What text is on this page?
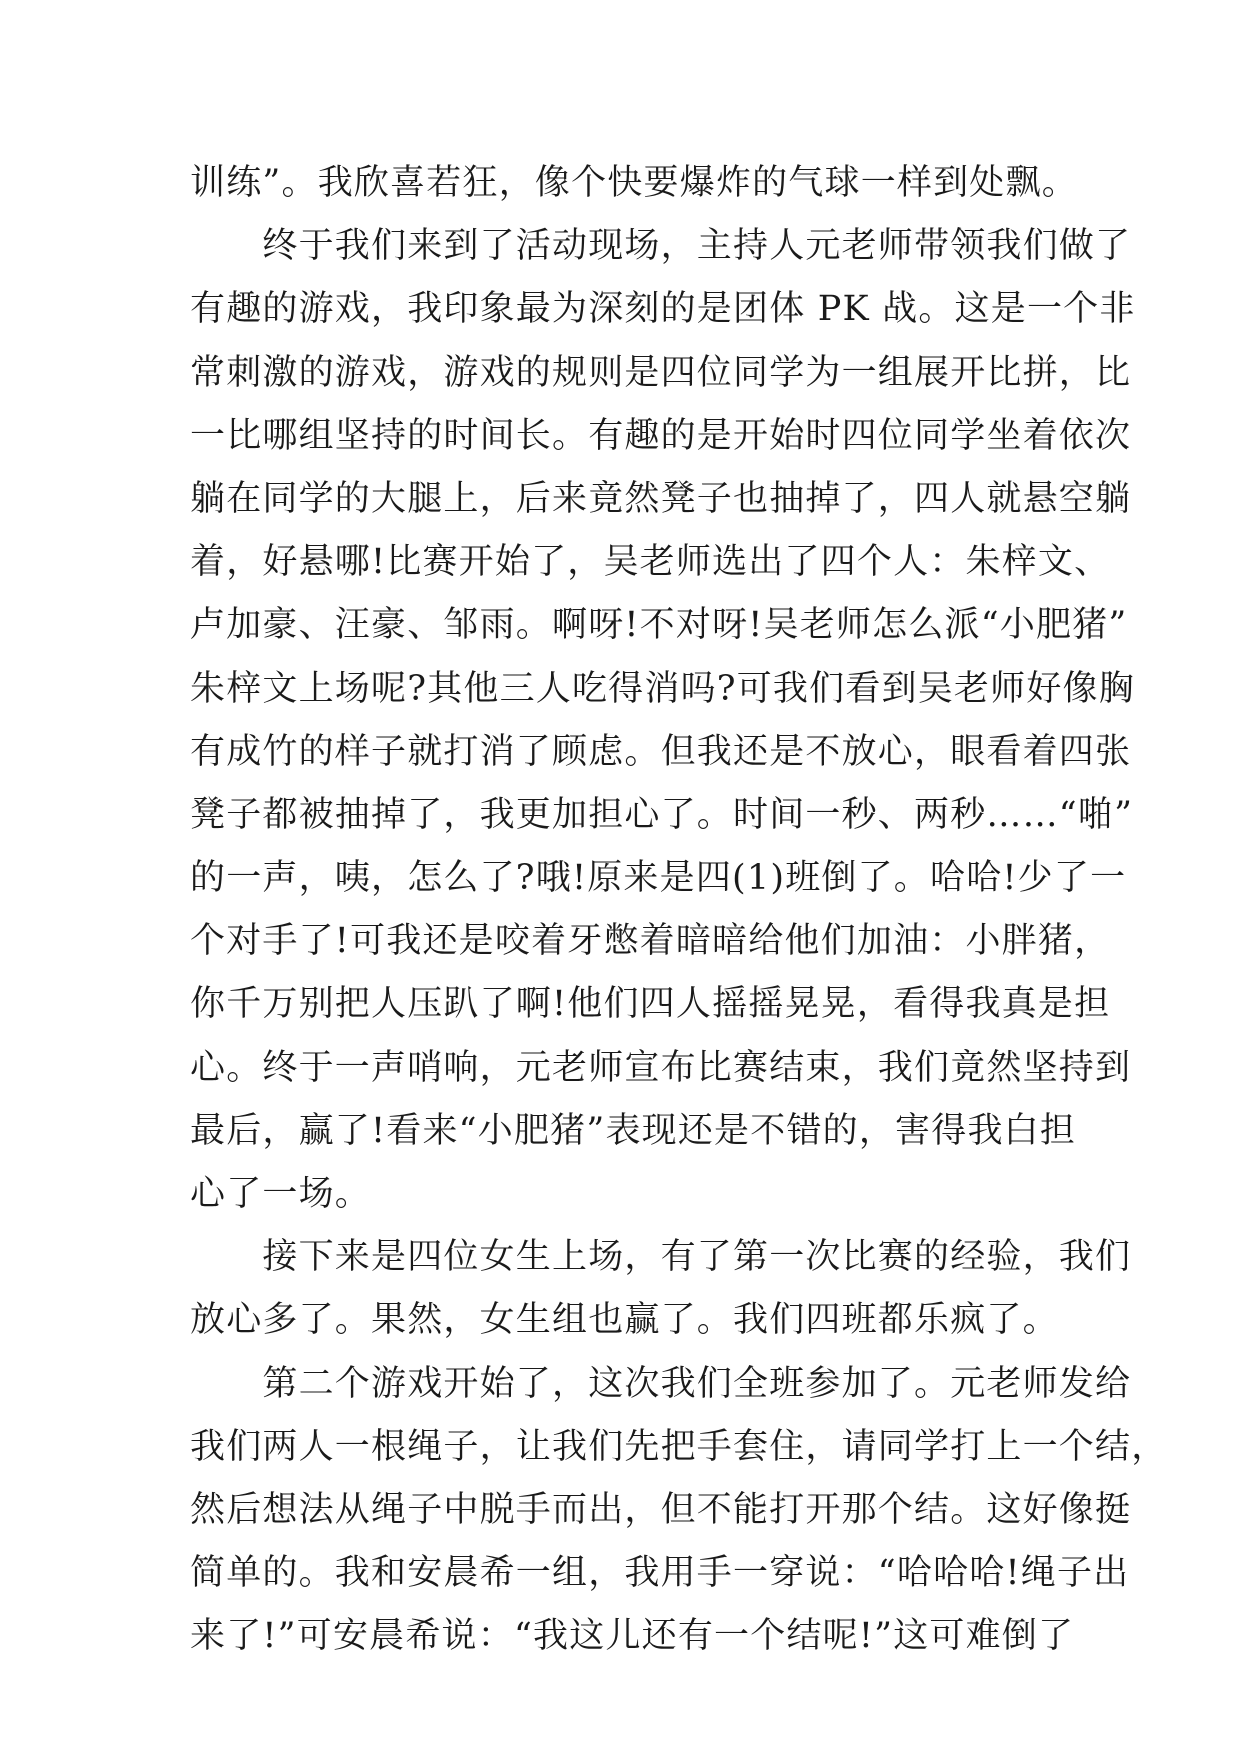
训练”。我欣喜若狂，像个快要爆炸的气球一样到处飘。
　　终于我们来到了活动现场，主持人元老师带领我们做了
有趣的游戏，我印象最为深刻的是团体 PK 战。这是一个非
常刺激的游戏，游戏的规则是四位同学为一组展开比拼，比
一比哪组坚持的时间长。有趣的是开始时四位同学坐着依次
躺在同学的大腿上，后来竟然凳子也抽掉了，四人就悬空躺
着，好悬哪!比赛开始了，吴老师选出了四个人：朱梓文、
卢加豪、汪豪、邹雨。啊呀!不对呀!吴老师怎么派“小肥猪”
朱梓文上场呢?其他三人吃得消吗?可我们看到吴老师好像胸
有成竹的样子就打消了顾虑。但我还是不放心，眼看着四张
凳子都被抽掉了，我更加担心了。时间一秒、两秒……“啪”
的一声，咦，怎么了?哦!原来是四(1)班倒了。哈哈!少了一
个对手了!可我还是咬着牙憋着暗暗给他们加油：小胖猪，
你千万别把人压趴了啊!他们四人摇摇晃晃，看得我真是担
心。终于一声哨响，元老师宣布比赛结束，我们竟然坚持到
最后，赢了!看来“小肥猪”表现还是不错的，害得我白担
心了一场。
　　接下来是四位女生上场，有了第一次比赛的经验，我们
放心多了。果然，女生组也赢了。我们四班都乐疯了。
　　第二个游戏开始了，这次我们全班参加了。元老师发给
我们两人一根绳子，让我们先把手套住，请同学打上一个结，
然后想法从绳子中脱手而出，但不能打开那个结。这好像挺
简单的。我和安晨希一组，我用手一穿说：“哈哈哈!绳子出
来了!”可安晨希说：“我这儿还有一个结呢!”这可难倒了
